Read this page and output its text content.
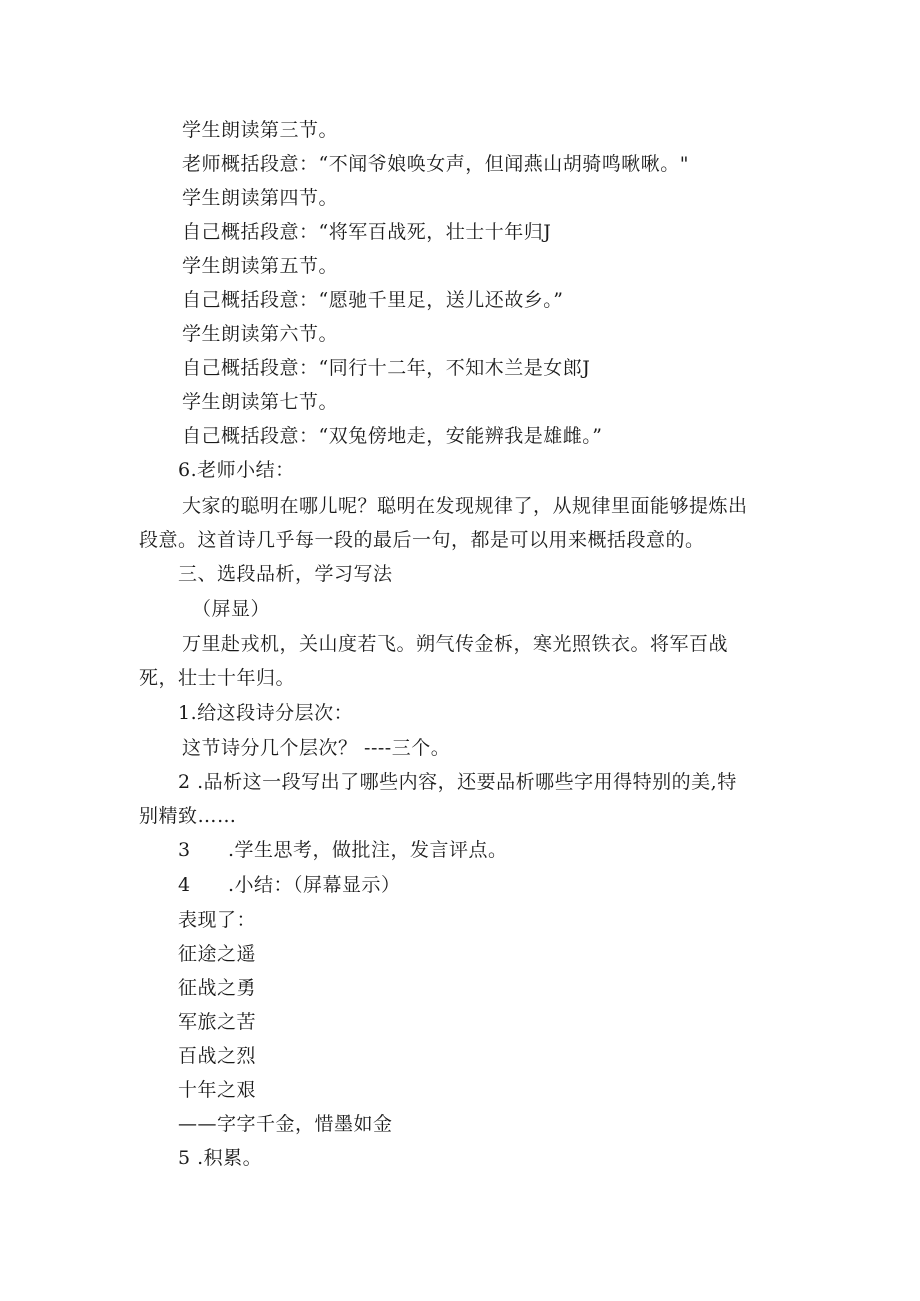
学生朗读第三节。
老师概括段意：“不闻爷娘唤女声，但闻燕山胡骑鸣啾啾。"
学生朗读第四节。
自己概括段意：“将军百战死，壮士十年归J
学生朗读第五节。
自己概括段意：“愿驰千里足，送儿还故乡。”
学生朗读第六节。
自己概括段意：“同行十二年，不知木兰是女郎J
学生朗读第七节。
自己概括段意：“双兔傍地走，安能辨我是雄雌。”
6.老师小结：
大家的聪明在哪儿呢？聪明在发现规律了，从规律里面能够提炼出
段意。这首诗几乎每一段的最后一句，都是可以用来概括段意的。
三、选段品析，学习写法
（屏显）
万里赴戎机，关山度若飞。朔气传金柝，寒光照铁衣。将军百战
死，壮士十年归。
1.给这段诗分层次：
这节诗分几个层次？ ----三个。
2 .品析这一段写出了哪些内容，还要品析哪些字用得特别的美,特
别精致……
3 .学生思考，做批注，发言评点。
4 .小结：（屏幕显示）
表现了：
征途之遥
征战之勇
军旅之苦
百战之烈
十年之艰
——字字千金，惜墨如金
5 .积累。
